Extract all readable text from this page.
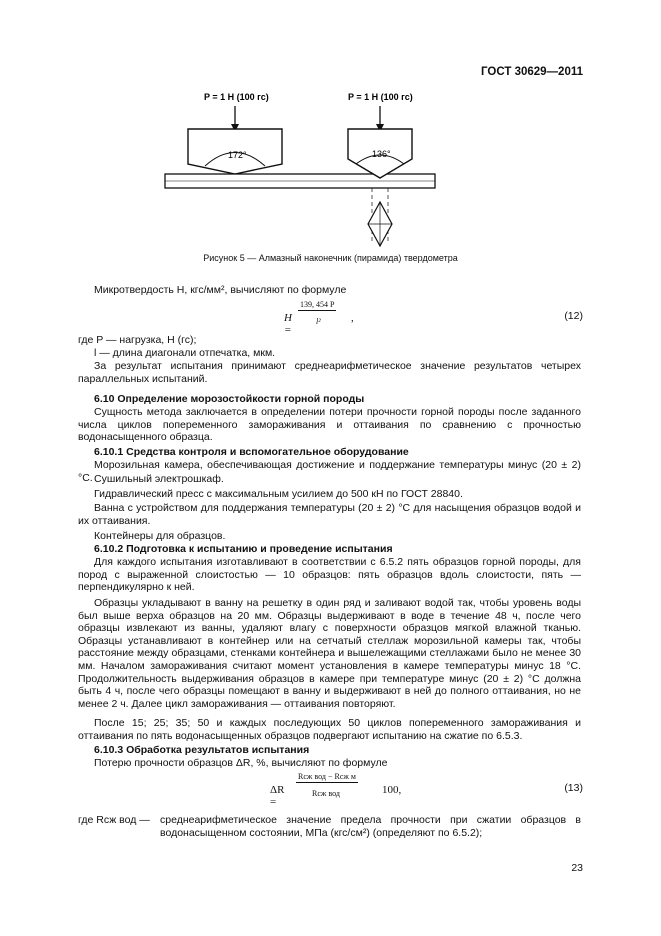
ГОСТ 30629—2011
172°	136°
P = 1 Н (100 гс)	P = 1 Н (100 гс)
Рисунок 5 — Алмазный наконечник (пирамида) твердометра

Микротвердость H, кгс/мм², вычисляют по формуле

H =
139, 454 P
l²	,	(12)

где P — нагрузка, Н (гс);

l — длина диагонали отпечатка, мкм.

За результат испытания принимают среднеарифметическое значение результатов четырех параллельных испытаний.

6.10 Определение морозостойкости горной породы

Сущность метода заключается в определении потери прочности горной породы после заданного числа циклов попеременного замораживания и оттаивания по сравнению с прочностью водонасыщенного образца.

6.10.1 Средства контроля и вспомогательное оборудование

Морозильная камера, обеспечивающая достижение и поддержание температуры минус (20 ± 2) °С. Сушильный электрошкаф.

Гидравлический пресс с максимальным усилием до 500 кН по ГОСТ 28840.

Ванна с устройством для поддержания температуры (20 ± 2) °С для насыщения образцов водой и их оттаивания.

Контейнеры для образцов.

6.10.2 Подготовка к испытанию и проведение испытания

Для каждого испытания изготавливают в соответствии с 6.5.2 пять образцов горной породы, для пород с выраженной слоистостью — 10 образцов: пять образцов вдоль слоистости, пять — перпендикулярно к ней.

Образцы укладывают в ванну на решетку в один ряд и заливают водой так, чтобы уровень воды был выше верха образцов на 20 мм. Образцы выдерживают в воде в течение 48 ч, после чего образцы извлекают из ванны, удаляют влагу с поверхности образцов мягкой влажной тканью. Образцы устанавливают в контейнер или на сетчатый стеллаж морозильной камеры так, чтобы расстояние между образцами, стенками контейнера и вышележащими стеллажами было не менее 30 мм. Началом замораживания считают момент установления в камере температуры минус 18 °С. Продолжительность выдерживания образцов в камере при температуре минус (20 ± 2) °С должна быть 4 ч, после чего образцы помещают в ванну и выдерживают в ней до полного оттаивания, но не менее 2 ч. Далее цикл замораживания — оттаивания повторяют.

После 15; 25; 35; 50 и каждых последующих 50 циклов попеременного замораживания и оттаивания по пять водонасыщенных образцов подвергают испытанию на сжатие по 6.5.3.

6.10.3 Обработка результатов испытания

Потерю прочности образцов ΔR, %, вычисляют по формуле

ΔR =
Rсж вод − Rсж м
Rсж вод	100,	(13)

где Rсж вод — среднеарифметическое значение предела прочности при сжатии образцов в водонасыщенном состоянии, МПа (кгс/см²) (определяют по 6.5.2);

23
